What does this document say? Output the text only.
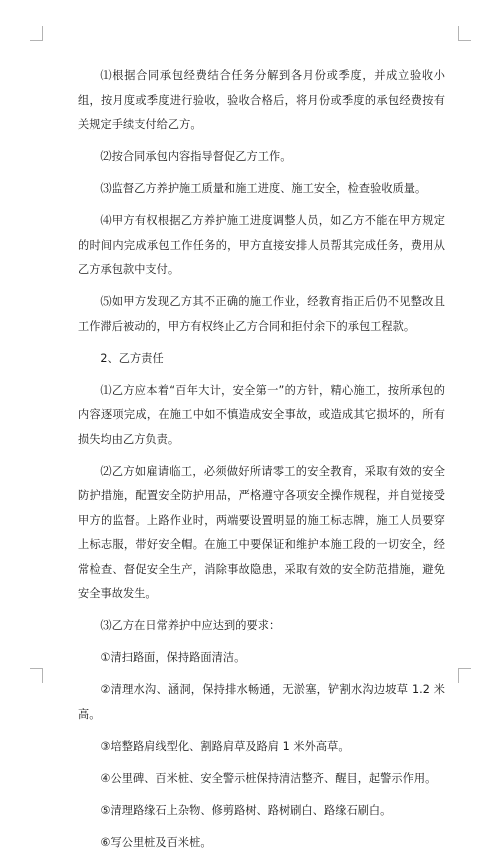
⑴根据合同承包经费结合任务分解到各月份或季度，并成立验收小组，按月度或季度进行验收，验收合格后，将月份或季度的承包经费按有关规定手续支付给乙方。

⑵按合同承包内容指导督促乙方工作。

⑶监督乙方养护施工质量和施工进度、施工安全，检查验收质量。

⑷甲方有权根据乙方养护施工进度调整人员，如乙方不能在甲方规定的时间内完成承包工作任务的，甲方直接安排人员帮其完成任务，费用从乙方承包款中支付。

⑸如甲方发现乙方其不正确的施工作业，经教育指正后仍不见整改且工作滞后被动的，甲方有权终止乙方合同和拒付余下的承包工程款。

2、乙方责任

⑴乙方应本着“百年大计，安全第一”的方针，精心施工，按所承包的内容逐项完成，在施工中如不慎造成安全事故，或造成其它损坏的，所有损失均由乙方负责。

⑵乙方如雇请临工，必须做好所请零工的安全教育，采取有效的安全防护措施，配置安全防护用品，严格遵守各项安全操作规程，并自觉接受甲方的监督。上路作业时，两端要设置明显的施工标志牌，施工人员要穿上标志服，带好安全帽。在施工中要保证和维护本施工段的一切安全，经常检查、督促安全生产，消除事故隐患，采取有效的安全防范措施，避免安全事故发生。

⑶乙方在日常养护中应达到的要求：

①清扫路面，保持路面清洁。

②清理水沟、涵洞，保持排水畅通，无淤塞，铲割水沟边坡草 1.2 米高。

③培整路肩线型化、割路肩草及路肩 1 米外高草。

④公里碑、百米桩、安全警示桩保持清洁整齐、醒目，起警示作用。

⑤清理路缘石上杂物、修剪路树、路树刷白、路缘石刷白。

⑥写公里桩及百米桩。
